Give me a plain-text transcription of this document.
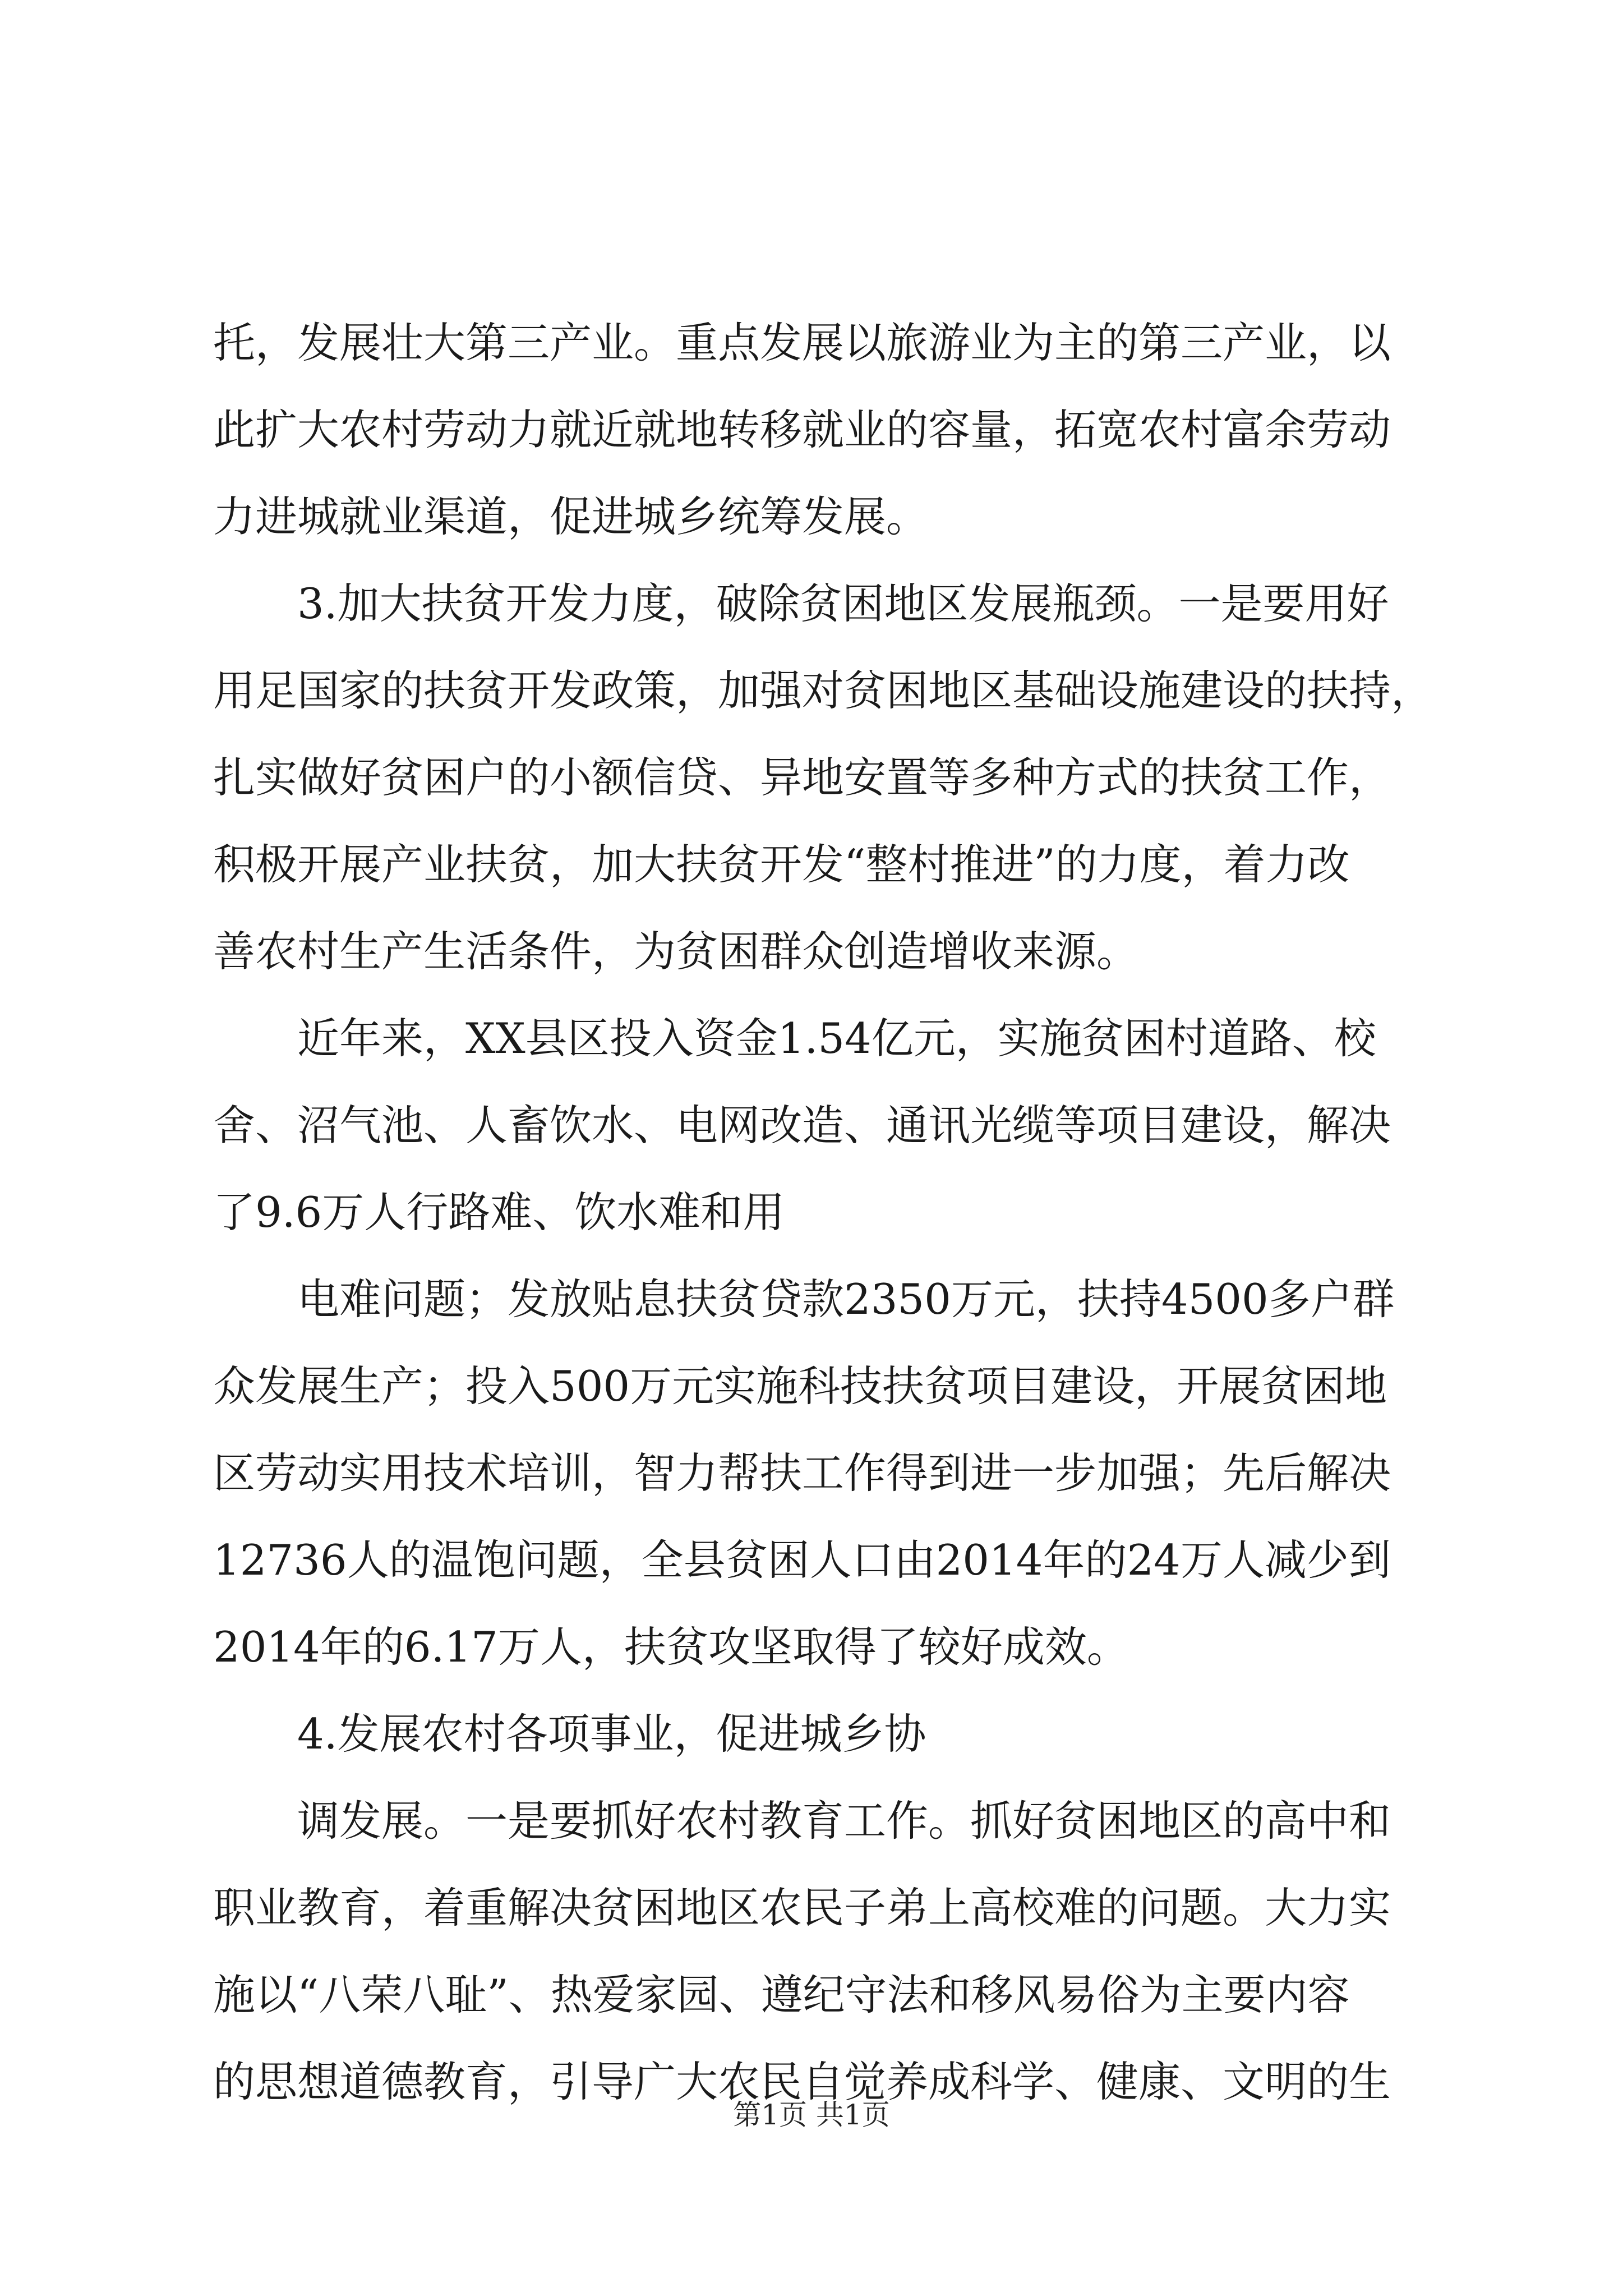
托，发展壮大第三产业。重点发展以旅游业为主的第三产业，以
此扩大农村劳动力就近就地转移就业的容量，拓宽农村富余劳动
力进城就业渠道，促进城乡统筹发展。
3.加大扶贫开发力度，破除贫困地区发展瓶颈。一是要用好
用足国家的扶贫开发政策，加强对贫困地区基础设施建设的扶持，
扎实做好贫困户的小额信贷、异地安置等多种方式的扶贫工作，
积极开展产业扶贫，加大扶贫开发“整村推进”的力度，着力改
善农村生产生活条件，为贫困群众创造增收来源。
近年来，XX县区投入资金1.54亿元，实施贫困村道路、校
舍、沼气池、人畜饮水、电网改造、通讯光缆等项目建设，解决
了9.6万人行路难、饮水难和用
电难问题；发放贴息扶贫贷款2350万元，扶持4500多户群
众发展生产；投入500万元实施科技扶贫项目建设，开展贫困地
区劳动实用技术培训，智力帮扶工作得到进一步加强；先后解决
12736人的温饱问题，全县贫困人口由2014年的24万人减少到
2014年的6.17万人，扶贫攻坚取得了较好成效。
4.发展农村各项事业，促进城乡协
调发展。一是要抓好农村教育工作。抓好贫困地区的高中和
职业教育，着重解决贫困地区农民子弟上高校难的问题。大力实
施以“八荣八耻”、热爱家园、遵纪守法和移风易俗为主要内容
的思想道德教育，引导广大农民自觉养成科学、健康、文明的生
第1页 共1页
